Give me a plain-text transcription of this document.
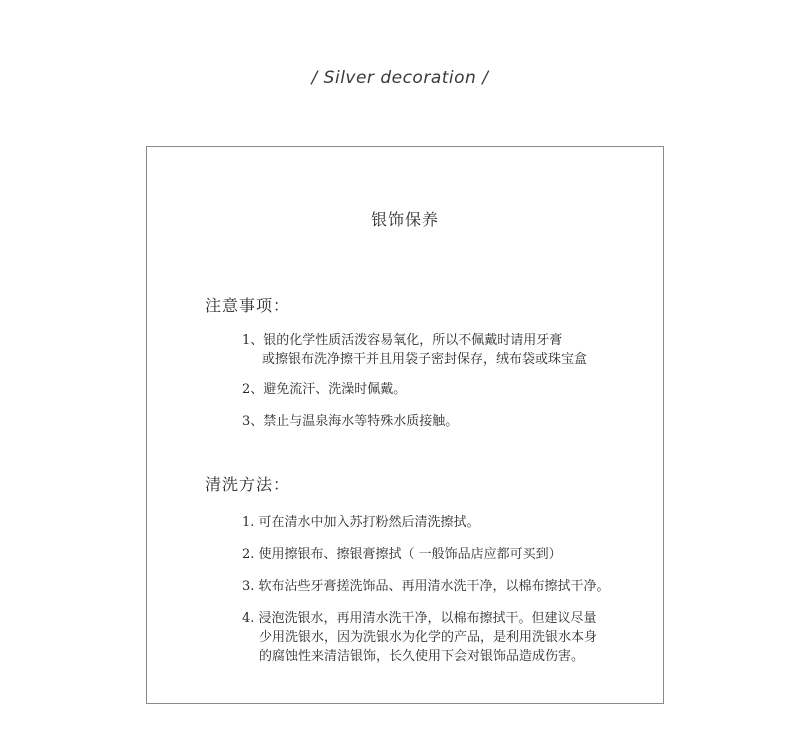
/ Silver decoration /
银饰保养
注意事项：
1、银的化学性质活泼容易氧化，所以不佩戴时请用牙膏
或擦银布洗净擦干并且用袋子密封保存，绒布袋或珠宝盒
2、避免流汗、洗澡时佩戴。
3、禁止与温泉海水等特殊水质接触。
清洗方法：
1. 可在清水中加入苏打粉然后清洗擦拭。
2. 使用擦银布、擦银膏擦拭（ 一般饰品店应都可买到）
3. 软布沾些牙膏搓洗饰品、再用清水洗干净，以棉布擦拭干净。
4. 浸泡洗银水，再用清水洗干净，以棉布擦拭干。但建议尽量
少用洗银水，因为洗银水为化学的产品，是利用洗银水本身
的腐蚀性来清洁银饰，长久使用下会对银饰品造成伤害。
